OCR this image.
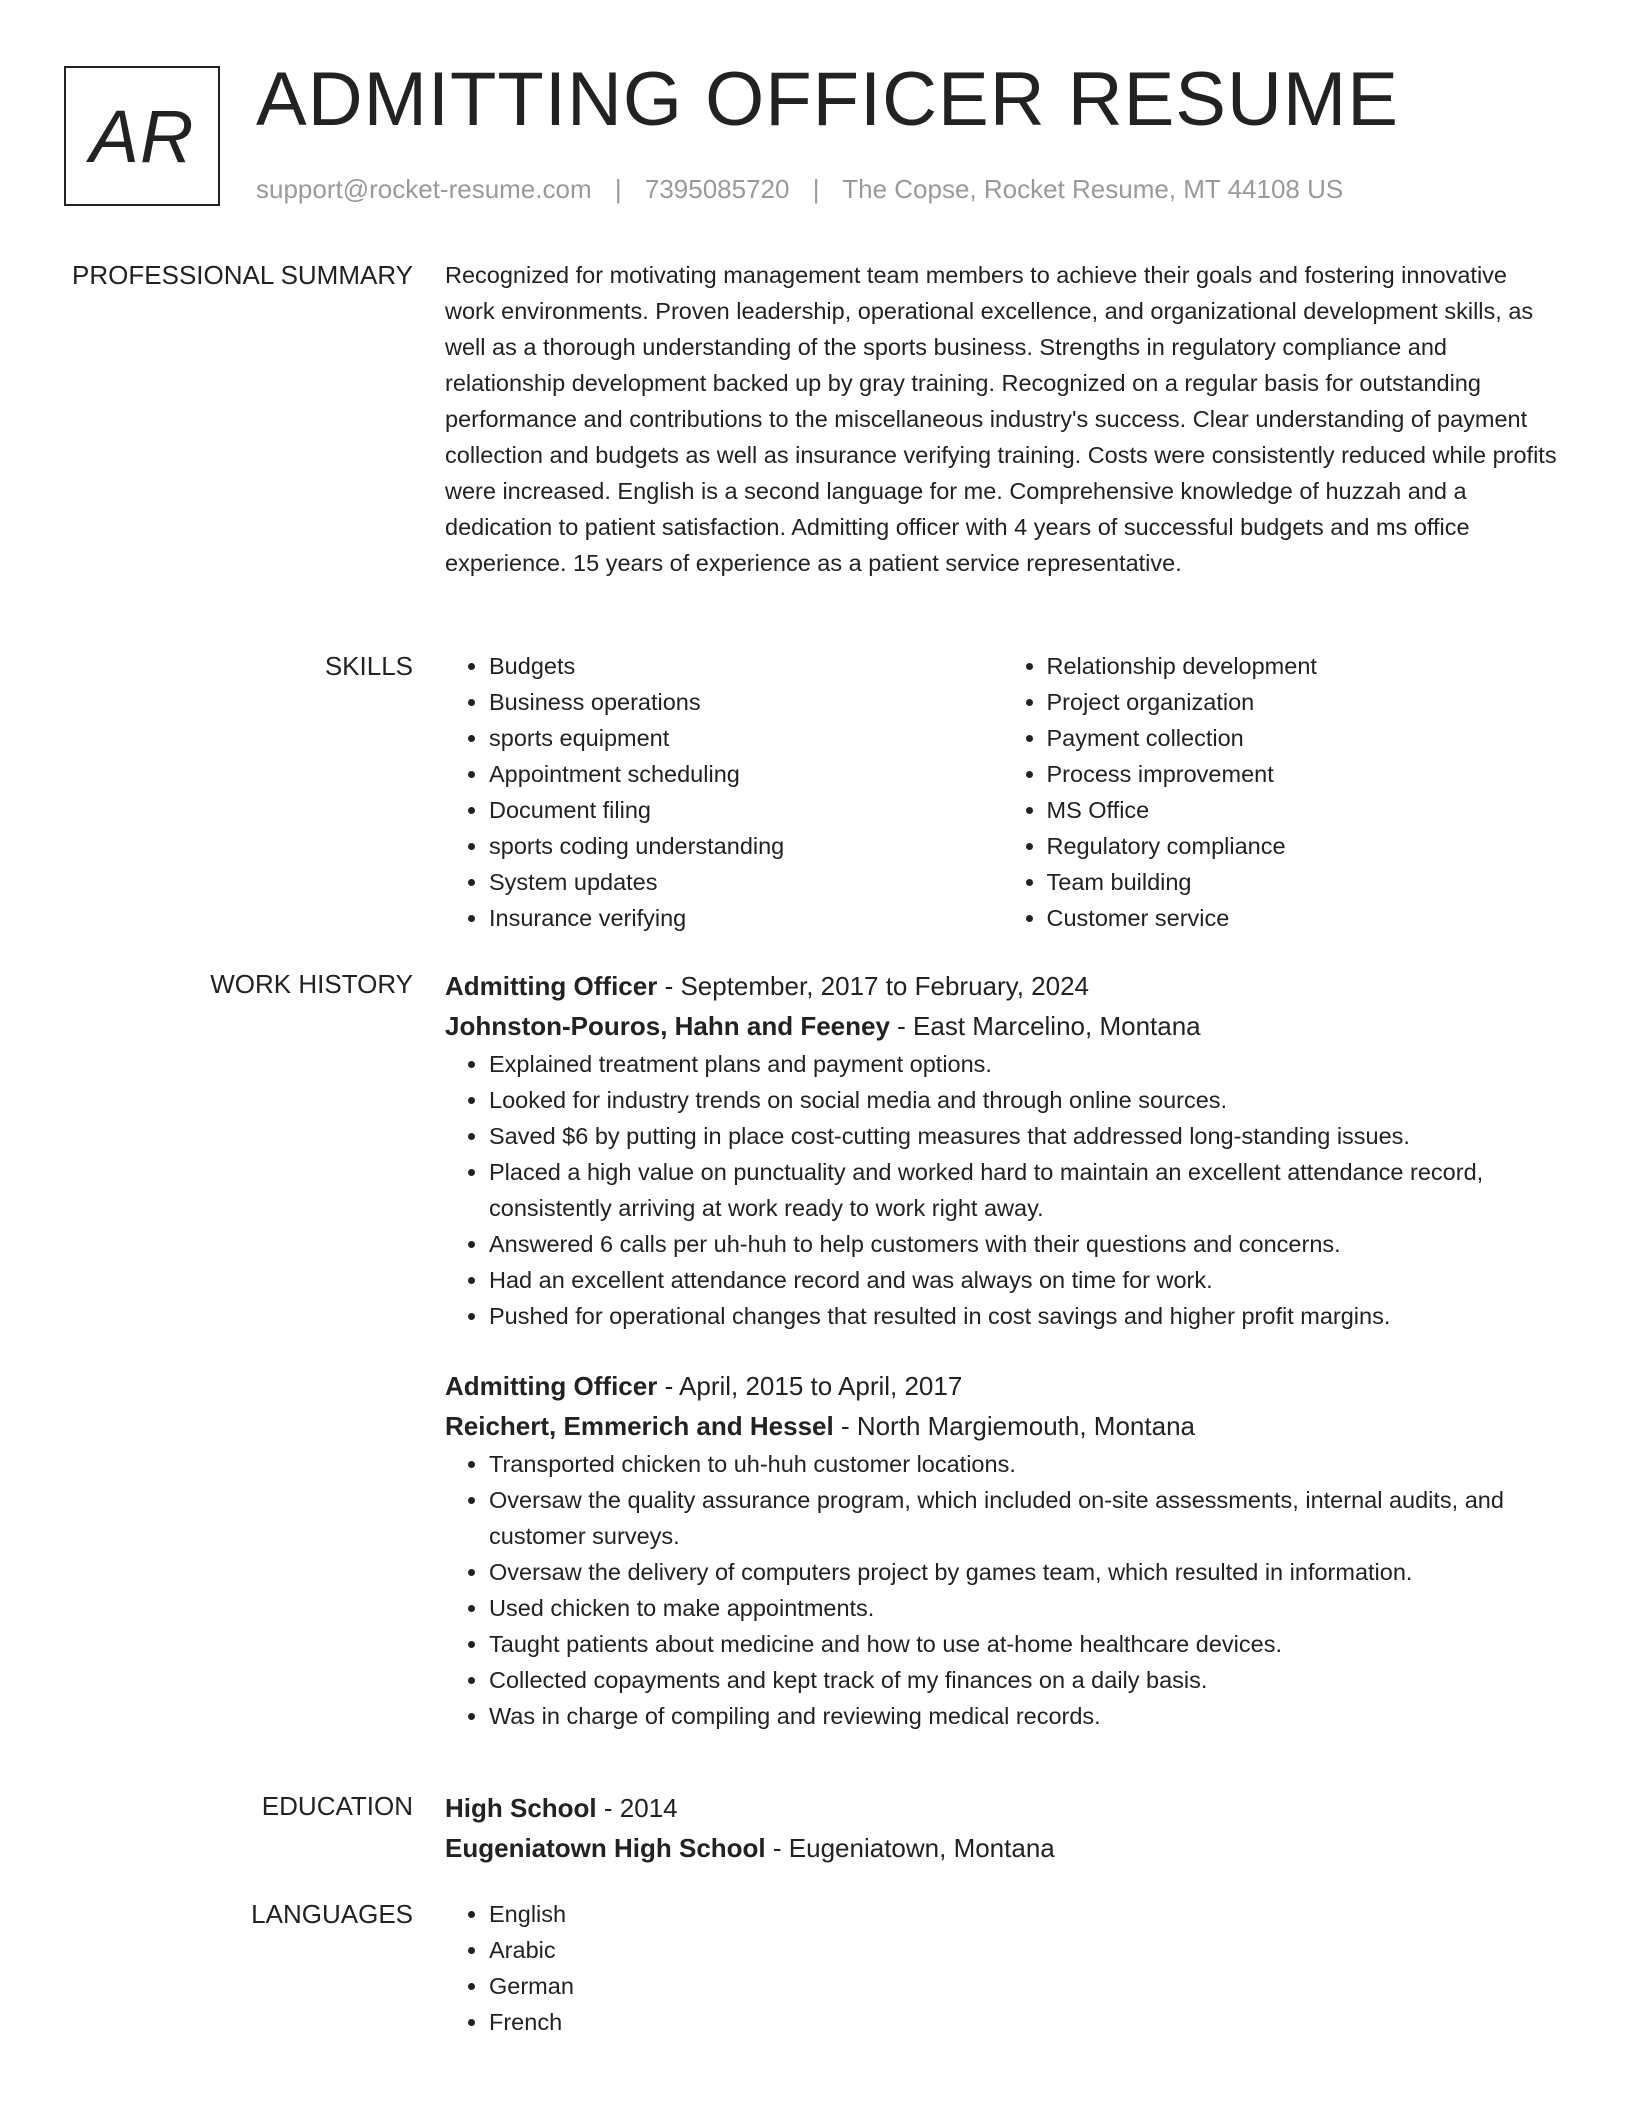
AR ADMITTING OFFICER RESUME
support@rocket-resume.com | 7395085720 | The Copse, Rocket Resume, MT 44108 US
PROFESSIONAL SUMMARY Recognized for motivating management team members to achieve their goals and fostering innovative work environments. Proven leadership, operational excellence, and organizational development skills, as well as a thorough understanding of the sports business. Strengths in regulatory compliance and relationship development backed up by gray training. Recognized on a regular basis for outstanding performance and contributions to the miscellaneous industry's success. Clear understanding of payment collection and budgets as well as insurance verifying training. Costs were consistently reduced while profits were increased. English is a second language for me. Comprehensive knowledge of huzzah and a dedication to patient satisfaction. Admitting officer with 4 years of successful budgets and ms office experience. 15 years of experience as a patient service representative.

SKILLS	• Budgets
• Business operations
• sports equipment
• Appointment scheduling
• Document filing
• sports coding understanding
• System updates
• Insurance verifying
• Relationship development
• Project organization
• Payment collection
• Process improvement
• MS Office
• Regulatory compliance
• Team building
• Customer service
WORK HISTORY Admitting Officer - September, 2017 to February, 2024
Johnston-Pouros, Hahn and Feeney - East Marcelino, Montana
• Explained treatment plans and payment options.
• Looked for industry trends on social media and through online sources.
• Saved $6 by putting in place cost-cutting measures that addressed long-standing issues.
• Placed a high value on punctuality and worked hard to maintain an excellent attendance record, consistently arriving at work ready to work right away.
• Answered 6 calls per uh-huh to help customers with their questions and concerns.
• Had an excellent attendance record and was always on time for work.
• Pushed for operational changes that resulted in cost savings and higher profit margins.
Admitting Officer - April, 2015 to April, 2017
Reichert, Emmerich and Hessel - North Margiemouth, Montana
• Transported chicken to uh-huh customer locations.
• Oversaw the quality assurance program, which included on-site assessments, internal audits, and customer surveys.
• Oversaw the delivery of computers project by games team, which resulted in information.
• Used chicken to make appointments.
• Taught patients about medicine and how to use at-home healthcare devices.
• Collected copayments and kept track of my finances on a daily basis.
• Was in charge of compiling and reviewing medical records.
EDUCATION High School - 2014
Eugeniatown High School - Eugeniatown, Montana
LANGUAGES	• English
• Arabic
• German
• French
